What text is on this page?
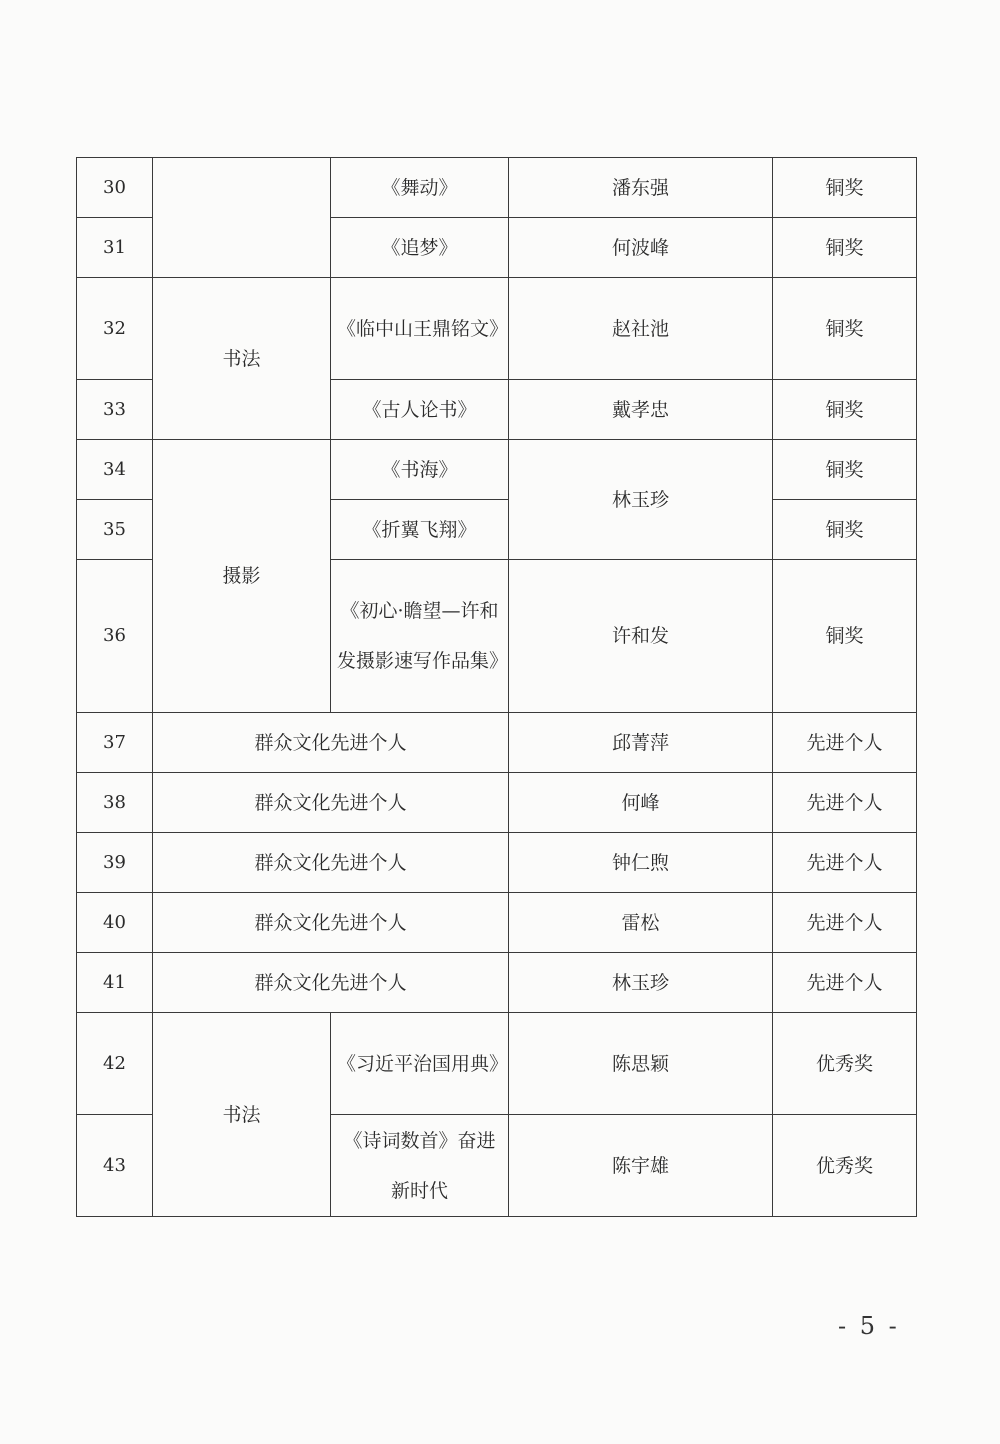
30		《舞动》	潘东强	铜奖
31		《追梦》	何波峰	铜奖
32	书法	《临中山王鼎铭文》	赵社池	铜奖
33		《古人论书》	戴孝忠	铜奖
34	摄影	《书海》	林玉珍	铜奖
35		《折翼飞翔》		铜奖
36		《初心·瞻望—许和发摄影速写作品集》	许和发	铜奖
37	群众文化先进个人		邱菁萍	先进个人
38	群众文化先进个人		何峰	先进个人
39	群众文化先进个人		钟仁煦	先进个人
40	群众文化先进个人		雷松	先进个人
41	群众文化先进个人		林玉珍	先进个人
42	书法	《习近平治国用典》	陈思颖	优秀奖
43		《诗词数首》奋进新时代	陈宇雄	优秀奖
- 5 -
